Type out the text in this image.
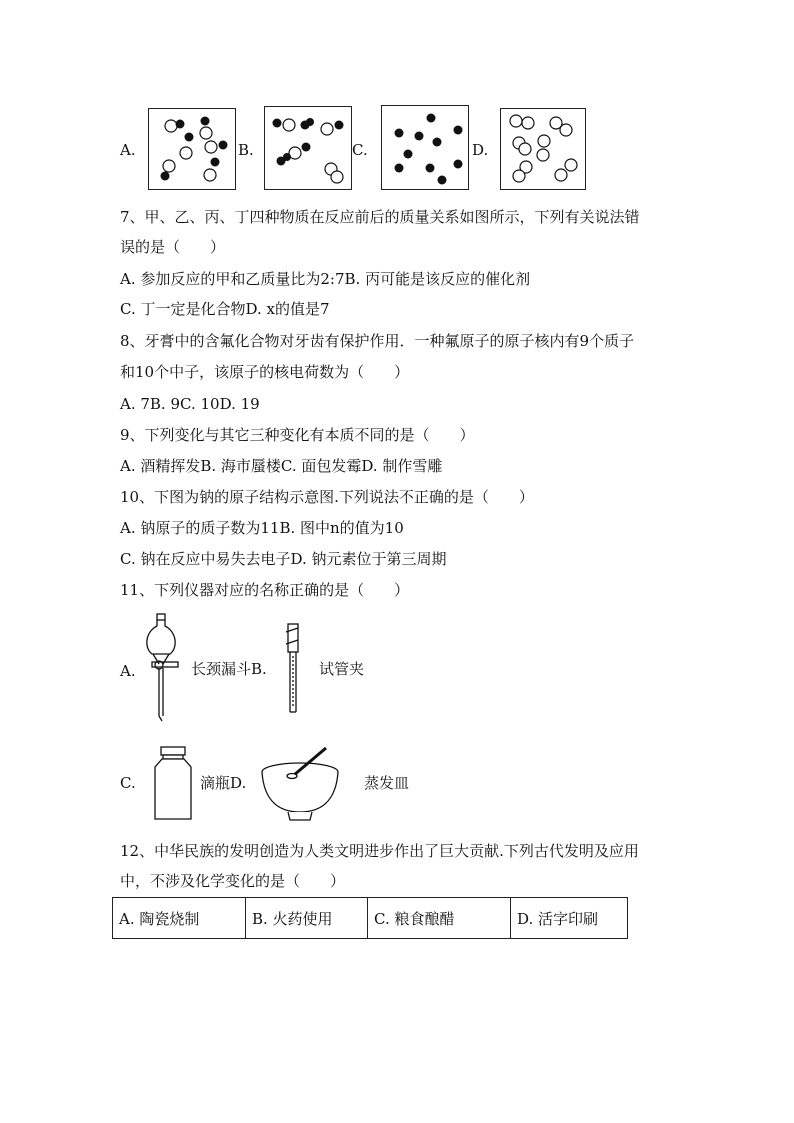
A.	B.	C.	D.
7、甲、乙、丙、丁四种物质在反应前后的质量关系如图所示，下列有关说法错
误的是（　　）
A. 参加反应的甲和乙质量比为2:7B. 丙可能是该反应的催化剂
C. 丁一定是化合物D. x的值是7
8、牙膏中的含氟化合物对牙齿有保护作用．一种氟原子的原子核内有9个质子
和10个中子，该原子的核电荷数为（　　）
A. 7B. 9C. 10D. 19
9、下列变化与其它三种变化有本质不同的是（　　）
A. 酒精挥发B. 海市蜃楼C. 面包发霉D. 制作雪雕
10、下图为钠的原子结构示意图.下列说法不正确的是（　　）
A. 钠原子的质子数为11B. 图中n的值为10
C. 钠在反应中易失去电子D. 钠元素位于第三周期
11、下列仪器对应的名称正确的是（　　）
A.	长颈漏斗B.	试管夹
C.	滴瓶D.	蒸发皿
12、中华民族的发明创造为人类文明进步作出了巨大贡献.下列古代发明及应用
中，不涉及化学变化的是（　　）
A. 陶瓷烧制	B. 火药使用	C. 粮食酿醋	D. 活字印刷
